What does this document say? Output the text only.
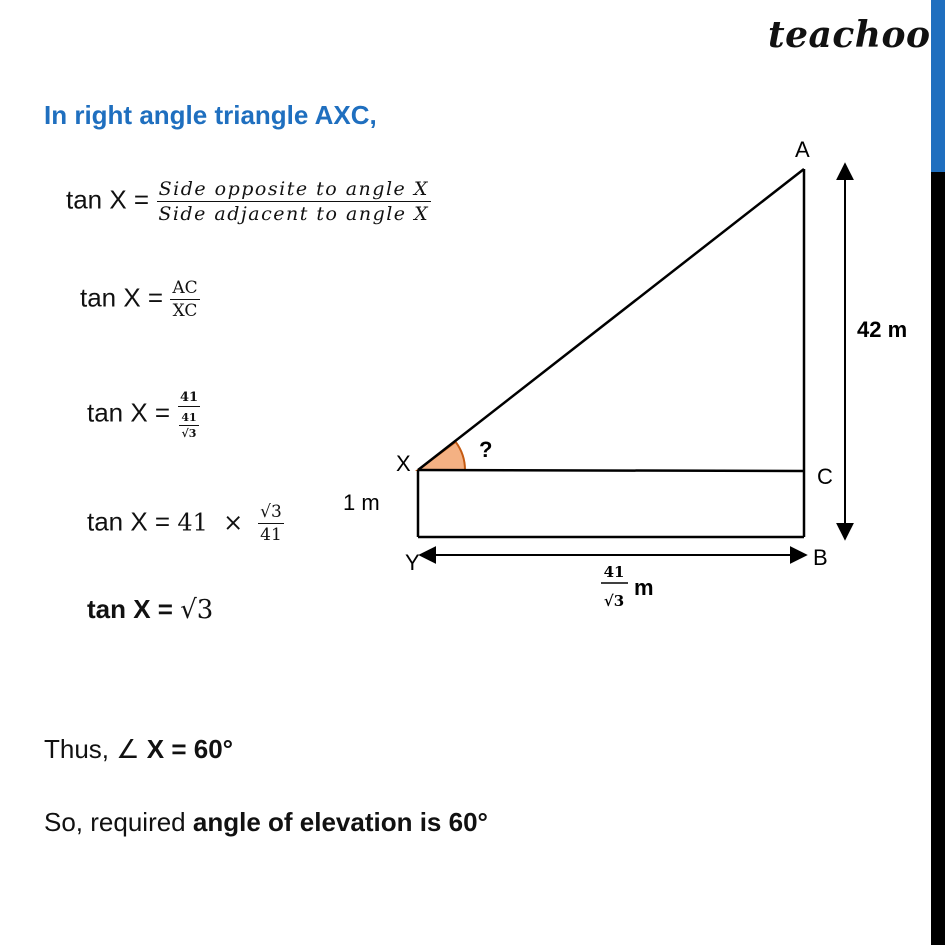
teachoo
In right angle triangle AXC,
$\tan X = \frac{\text{Side opposite to angle X}}{\text{Side adjacent to angle X}}$
$\tan X = \frac{AC}{XC}$
$\tan X = \frac{41}{\frac{41}{√3}}$
$\tan X = 41 \times \frac{√3}{41}$
tan X = √3
Thus, ∠ X = 60°
So, required angle of elevation is 60°
A
X
C
Y	B
42 m
1 m
?
41
√3
m
